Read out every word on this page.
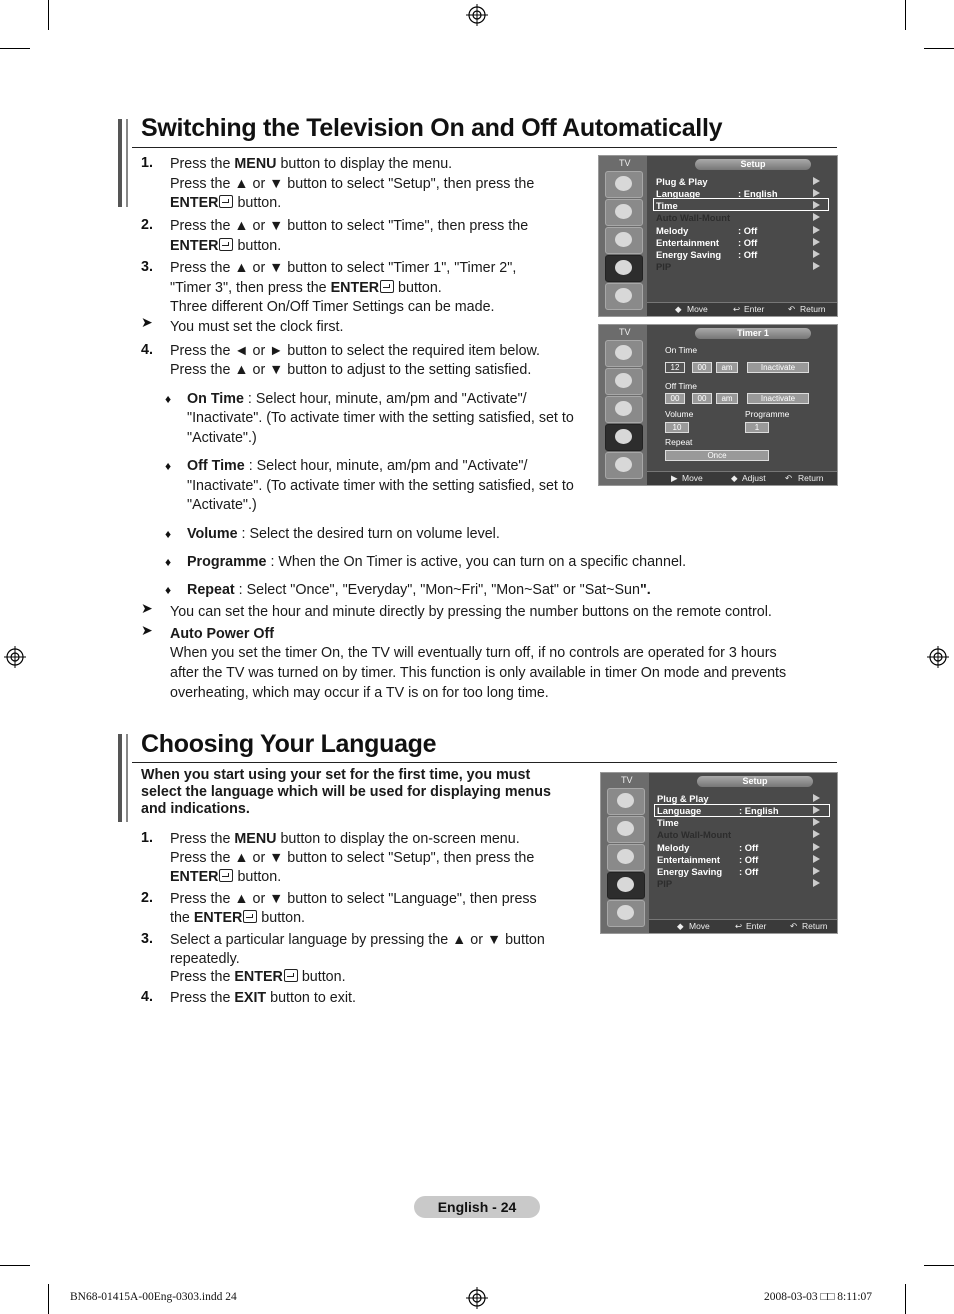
Switching the Television On and Off Automatically
1. Press the MENU button to display the menu.
Press the ▲ or ▼ button to select "Setup", then press the
ENTER button.
2. Press the ▲ or ▼ button to select "Time", then press the
ENTER button.
3. Press the ▲ or ▼ button to select "Timer 1", "Timer 2",
"Timer 3", then press the ENTER button.
Three different On/Off Timer Settings can be made.
➤ You must set the clock first.
4. Press the ◄ or ► button to select the required item below.
Press the ▲ or ▼ button to adjust to the setting satisfied.
♦ On Time : Select hour, minute, am/pm and "Activate"/
"Inactivate". (To activate timer with the setting satisfied, set to
"Activate".)
♦ Off Time : Select hour, minute, am/pm and "Activate"/
"Inactivate". (To activate timer with the setting satisfied, set to
"Activate".)
♦ Volume : Select the desired turn on volume level.
♦ Programme : When the On Timer is active, you can turn on a specific channel.
♦ Repeat : Select "Once", "Everyday", "Mon~Fri", "Mon~Sat" or "Sat~Sun".
➤ You can set the hour and minute directly by pressing the number buttons on the remote control.
➤ Auto Power Off
When you set the timer On, the TV will eventually turn off, if no controls are operated for 3 hours
after the TV was turned on by timer. This function is only available in timer On mode and prevents
overheating, which may occur if a TV is on for too long time.
TV	Setup
Plug & Play
Language	: English
Time
Auto Wall-Mount
Melody	: Off
Entertainment : Off
Energy Saving : Off
PIP
◆ Move	↩ Enter	↶ Return
TV	Timer 1
On Time
12	00	am	Inactivate
Off Time
00	00	am	Inactivate
Volume	Programme
10	1
Repeat
Once
▶ Move	◆ Adjust ↶ Return
Choosing Your Language
When you start using your set for the first time, you must
select the language which will be used for displaying menus
and indications.
1. Press the MENU button to display the on-screen menu.
Press the ▲ or ▼ button to select "Setup", then press the
ENTER button.
2. Press the ▲ or ▼ button to select "Language", then press
the ENTER button.
3. Select a particular language by pressing the ▲ or ▼ button
repeatedly.
Press the ENTER button.
4. Press the EXIT button to exit.
TV	Setup
Plug & Play
Language	: English
Time
Auto Wall-Mount
Melody	: Off
Entertainment : Off
Energy Saving : Off
PIP
◆ Move	↩ Enter	↶ Return
English - 24
BN68-01415A-00Eng-0303.indd 24	2008-03-03 □□ 8:11:07
